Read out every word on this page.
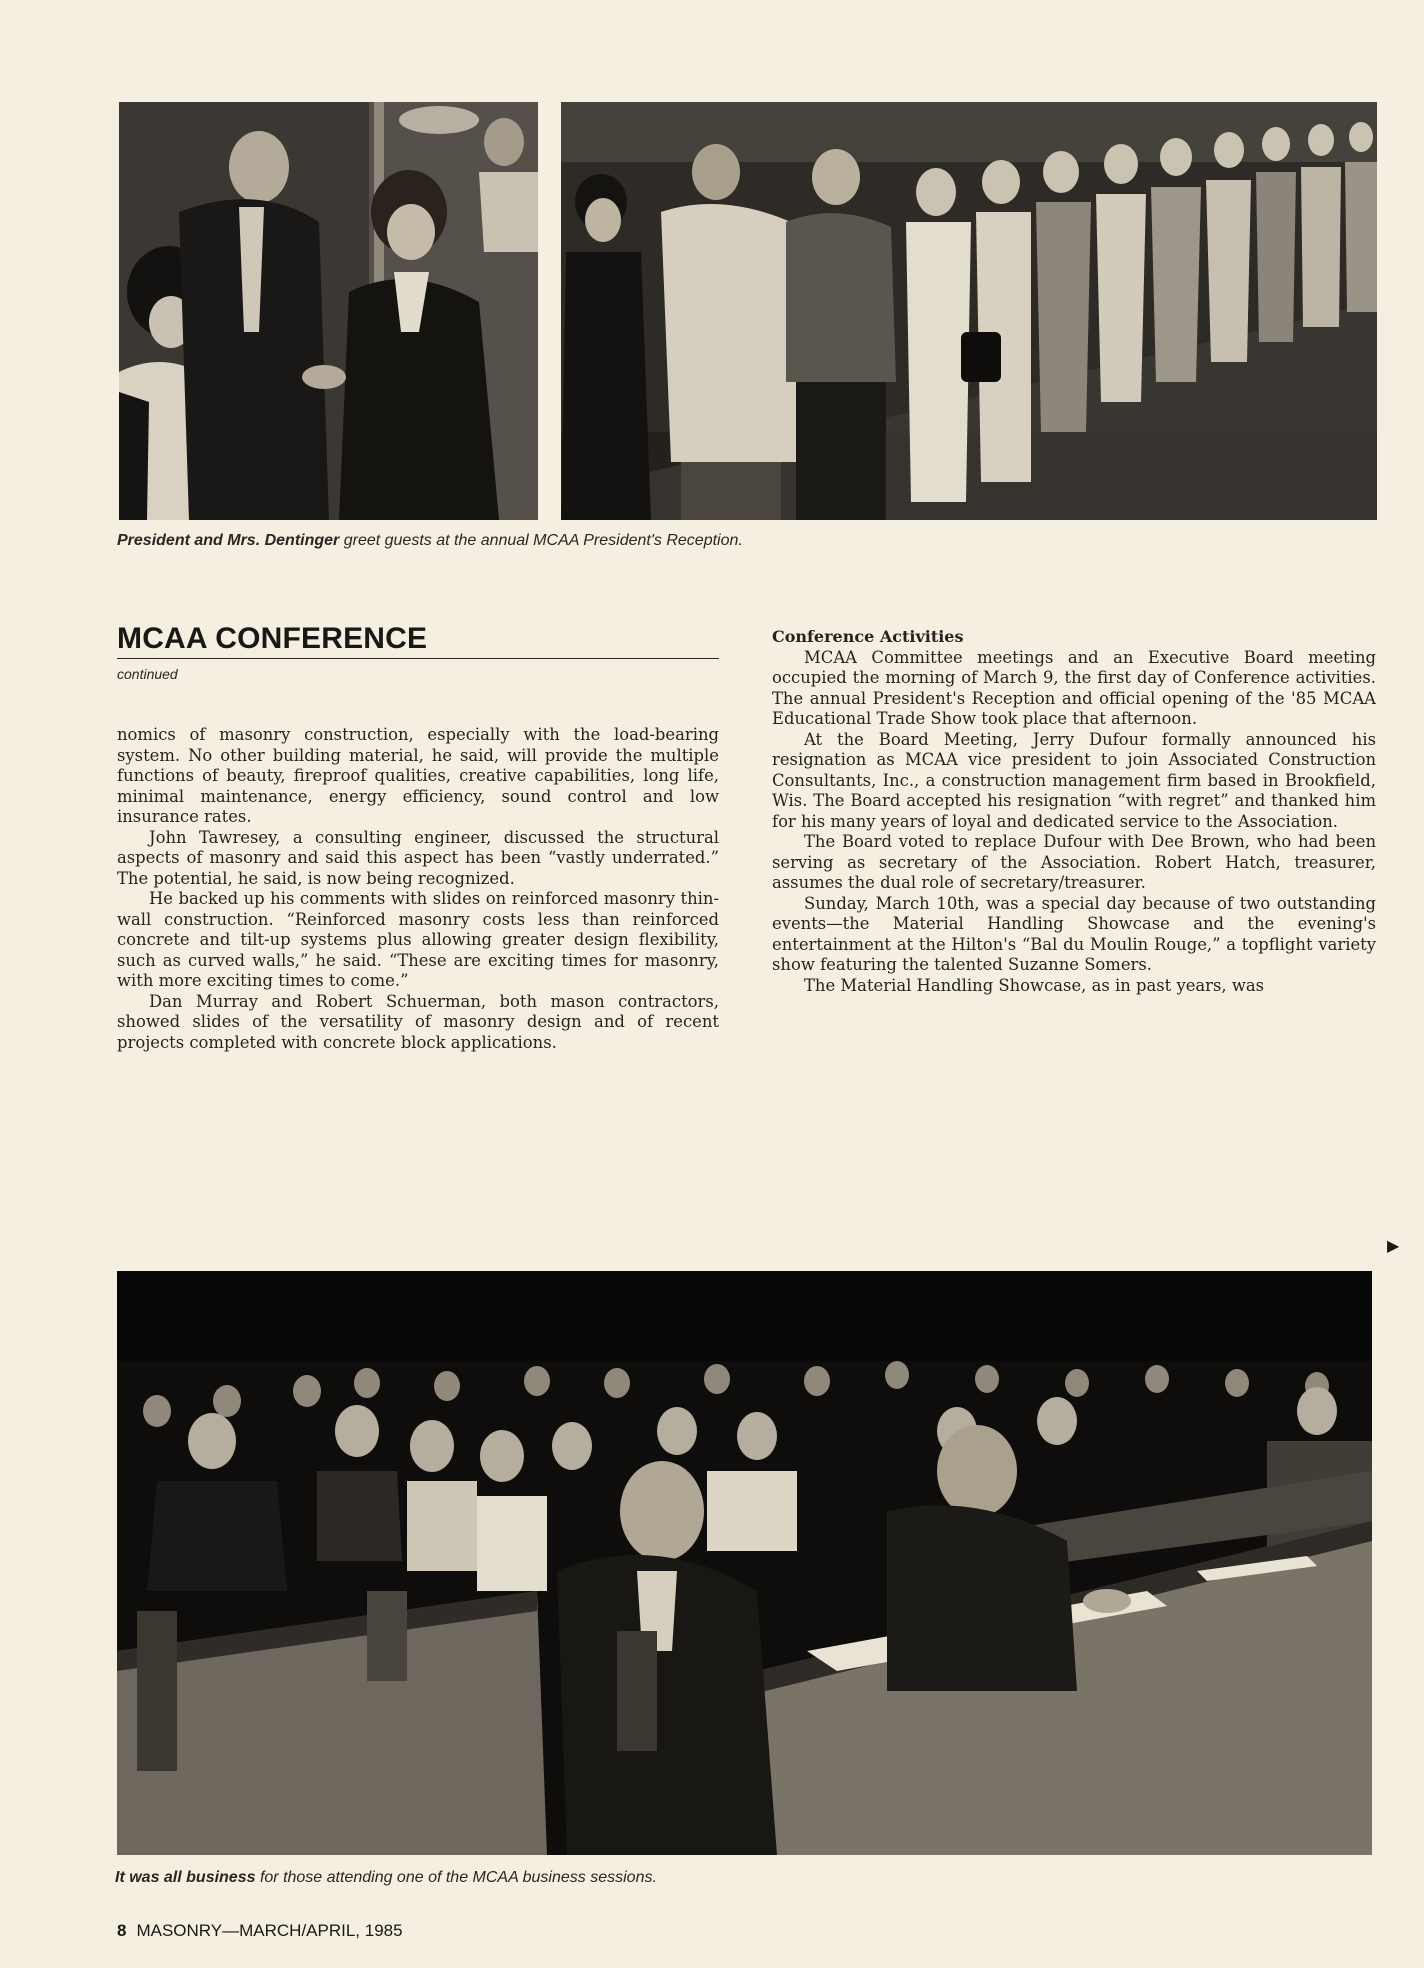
President and Mrs. Dentinger greet guests at the annual MCAA President's Reception.
MCAA CONFERENCE
continued

nomics of masonry construction, especially with the load-bearing system. No other building material, he said, will provide the multiple functions of beauty, fireproof qualities, creative capabilities, long life, minimal maintenance, energy efficiency, sound control and low insurance rates.

John Tawresey, a consulting engineer, discussed the structural aspects of masonry and said this aspect has been “vastly underrated.” The potential, he said, is now being recognized.

He backed up his comments with slides on reinforced masonry thin-wall construction. “Reinforced masonry costs less than reinforced concrete and tilt-up systems plus allowing greater design flexibility, such as curved walls,” he said. “These are exciting times for masonry, with more exciting times to come.”

Dan Murray and Robert Schuerman, both mason contractors, showed slides of the versatility of masonry design and of recent projects completed with concrete block applications.

Conference Activities

MCAA Committee meetings and an Executive Board meeting occupied the morning of March 9, the first day of Conference activities. The annual President's Reception and official opening of the '85 MCAA Educational Trade Show took place that afternoon.

At the Board Meeting, Jerry Dufour formally announced his resignation as MCAA vice president to join Associated Construction Consultants, Inc., a construction management firm based in Brookfield, Wis. The Board accepted his resignation “with regret” and thanked him for his many years of loyal and dedicated service to the Association.

The Board voted to replace Dufour with Dee Brown, who had been serving as secretary of the Association. Robert Hatch, treasurer, assumes the dual role of secretary/treasurer.

Sunday, March 10th, was a special day because of two outstanding events—the Material Handling Showcase and the evening's entertainment at the Hilton's “Bal du Moulin Rouge,” a topflight variety show featuring the talented Suzanne Somers.

The Material Handling Showcase, as in past years, was

▶
It was all business for those attending one of the MCAA business sessions.
8 MASONRY—MARCH/APRIL, 1985
